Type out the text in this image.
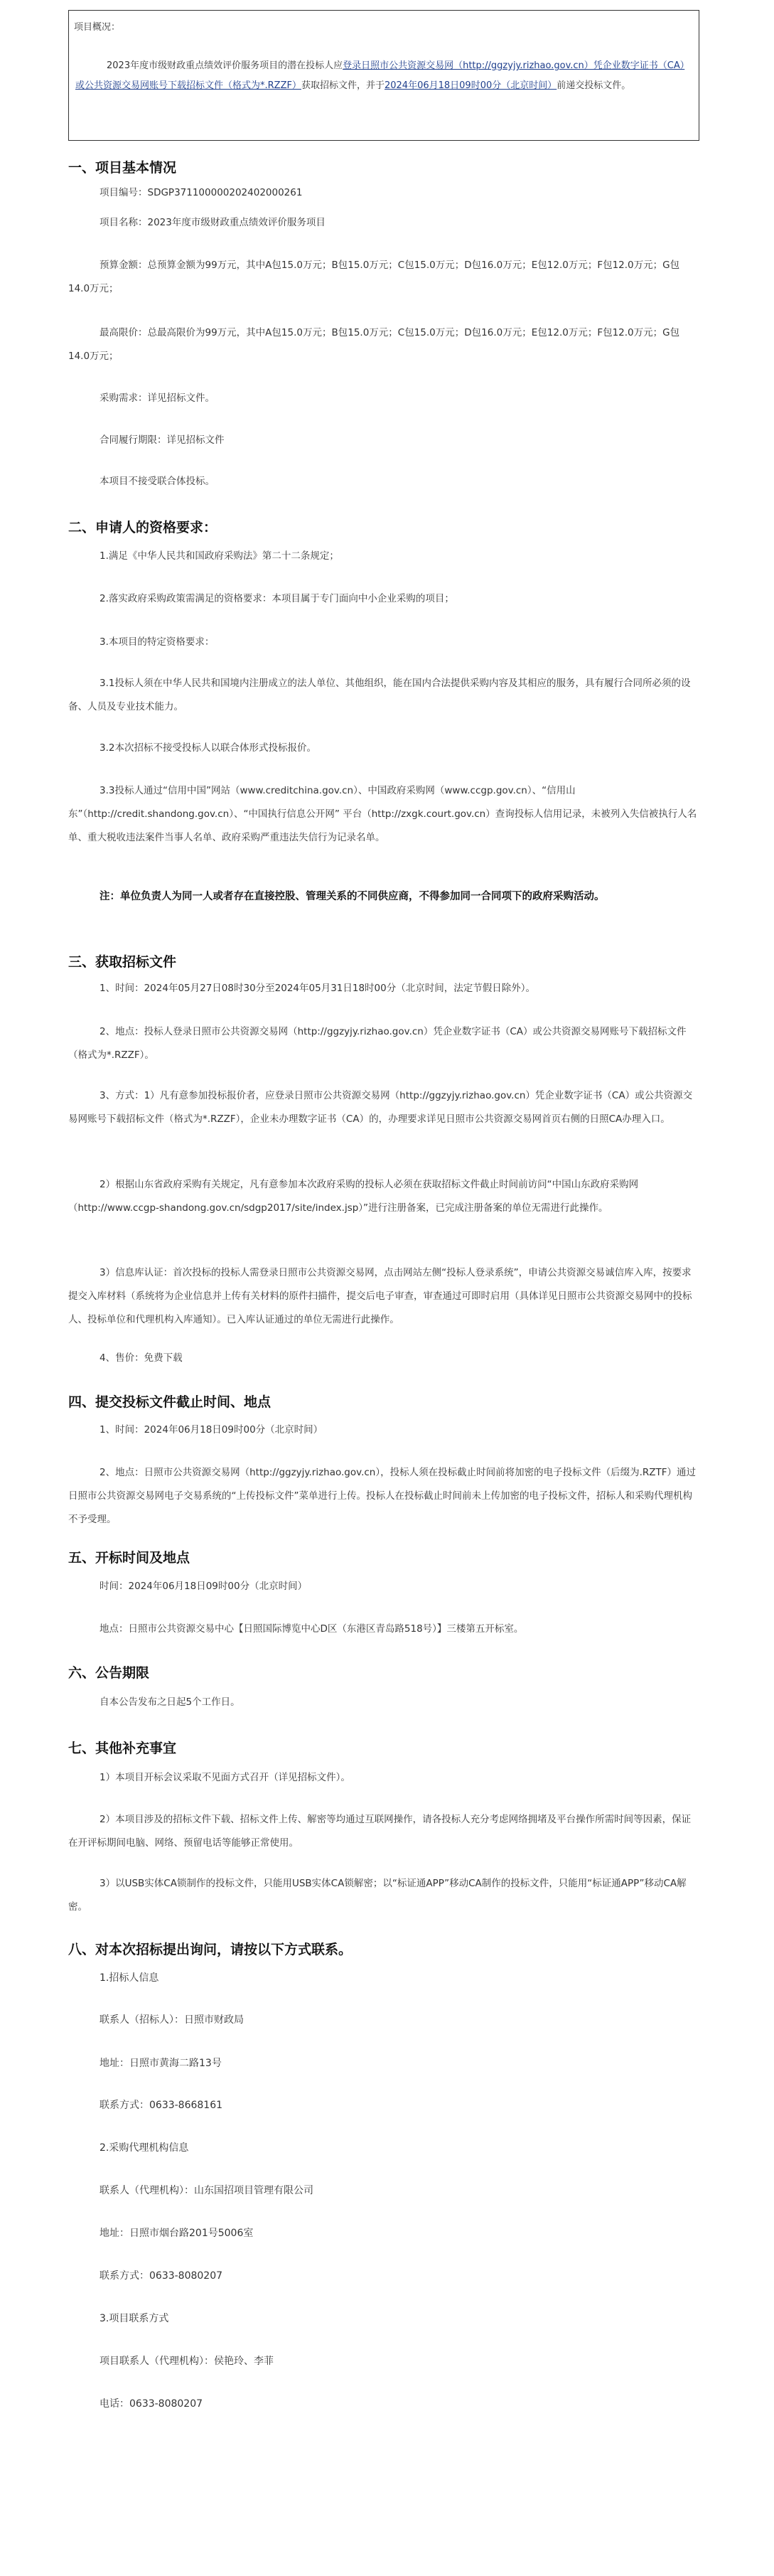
项目概况：
2023年度市级财政重点绩效评价服务项目的潜在投标人应登录日照市公共资源交易网（http://ggzyjy.rizhao.gov.cn）凭企业数字证书（CA）或公共资源交易网账号下载招标文件（格式为*.RZZF）获取招标文件，并于2024年06月18日09时00分（北京时间）前递交投标文件。
一、项目基本情况
项目编号：SDGP371100000202402000261
项目名称：2023年度市级财政重点绩效评价服务项目
预算金额：总预算金额为99万元，其中A包15.0万元；B包15.0万元；C包15.0万元；D包16.0万元；E包12.0万元；F包12.0万元；G包14.0万元；
最高限价：总最高限价为99万元，其中A包15.0万元；B包15.0万元；C包15.0万元；D包16.0万元；E包12.0万元；F包12.0万元；G包14.0万元；
采购需求：详见招标文件。
合同履行期限：详见招标文件
本项目不接受联合体投标。
二、申请人的资格要求：
1.满足《中华人民共和国政府采购法》第二十二条规定；
2.落实政府采购政策需满足的资格要求：本项目属于专门面向中小企业采购的项目；
3.本项目的特定资格要求：
3.1投标人须在中华人民共和国境内注册成立的法人单位、其他组织，能在国内合法提供采购内容及其相应的服务，具有履行合同所必须的设备、人员及专业技术能力。
3.2本次招标不接受投标人以联合体形式投标报价。
3.3投标人通过“信用中国”网站（www.creditchina.gov.cn）、中国政府采购网（www.ccgp.gov.cn）、“信用山东”（http://credit.shandong.gov.cn）、“中国执行信息公开网” 平台（http://zxgk.court.gov.cn）查询投标人信用记录，未被列入失信被执行人名单、重大税收违法案件当事人名单、政府采购严重违法失信行为记录名单。
注：单位负责人为同一人或者存在直接控股、管理关系的不同供应商，不得参加同一合同项下的政府采购活动。
三、获取招标文件
1、时间：2024年05月27日08时30分至2024年05月31日18时00分（北京时间，法定节假日除外）。
2、地点：投标人登录日照市公共资源交易网（http://ggzyjy.rizhao.gov.cn）凭企业数字证书（CA）或公共资源交易网账号下载招标文件（格式为*.RZZF）。
3、方式：1）凡有意参加投标报价者，应登录日照市公共资源交易网（http://ggzyjy.rizhao.gov.cn）凭企业数字证书（CA）或公共资源交易网账号下载招标文件（格式为*.RZZF），企业未办理数字证书（CA）的，办理要求详见日照市公共资源交易网首页右侧的日照CA办理入口。
2）根据山东省政府采购有关规定，凡有意参加本次政府采购的投标人必须在获取招标文件截止时间前访问“中国山东政府采购网（http://www.ccgp-shandong.gov.cn/sdgp2017/site/index.jsp）”进行注册备案，已完成注册备案的单位无需进行此操作。
3）信息库认证：首次投标的投标人需登录日照市公共资源交易网，点击网站左侧“投标人登录系统”，申请公共资源交易诚信库入库，按要求提交入库材料（系统将为企业信息并上传有关材料的原件扫描件，提交后电子审查，审查通过可即时启用（具体详见日照市公共资源交易网中的投标人、投标单位和代理机构入库通知）。已入库认证通过的单位无需进行此操作。
4、售价：免费下载
四、提交投标文件截止时间、地点
1、时间：2024年06月18日09时00分（北京时间）
2、地点：日照市公共资源交易网（http://ggzyjy.rizhao.gov.cn），投标人须在投标截止时间前将加密的电子投标文件（后缀为.RZTF）通过日照市公共资源交易网电子交易系统的“上传投标文件”菜单进行上传。投标人在投标截止时间前未上传加密的电子投标文件，招标人和采购代理机构不予受理。
五、开标时间及地点
时间：2024年06月18日09时00分（北京时间）
地点：日照市公共资源交易中心【日照国际博览中心D区（东港区青岛路518号）】三楼第五开标室。
六、公告期限
自本公告发布之日起5个工作日。
七、其他补充事宜
1）本项目开标会议采取不见面方式召开（详见招标文件）。
2）本项目涉及的招标文件下载、招标文件上传、解密等均通过互联网操作，请各投标人充分考虑网络拥堵及平台操作所需时间等因素，保证在开评标期间电脑、网络、预留电话等能够正常使用。
3）以USB实体CA锁制作的投标文件，只能用USB实体CA锁解密；以“标证通APP”移动CA制作的投标文件，只能用“标证通APP”移动CA解密。
八、对本次招标提出询问，请按以下方式联系。
1.招标人信息
联系人（招标人）：日照市财政局
地址：日照市黄海二路13号
联系方式：0633-8668161
2.采购代理机构信息
联系人（代理机构）：山东国招项目管理有限公司
地址：日照市烟台路201号5006室
联系方式：0633-8080207
3.项目联系方式
项目联系人（代理机构）：侯艳玲、李菲
电话：0633-8080207
